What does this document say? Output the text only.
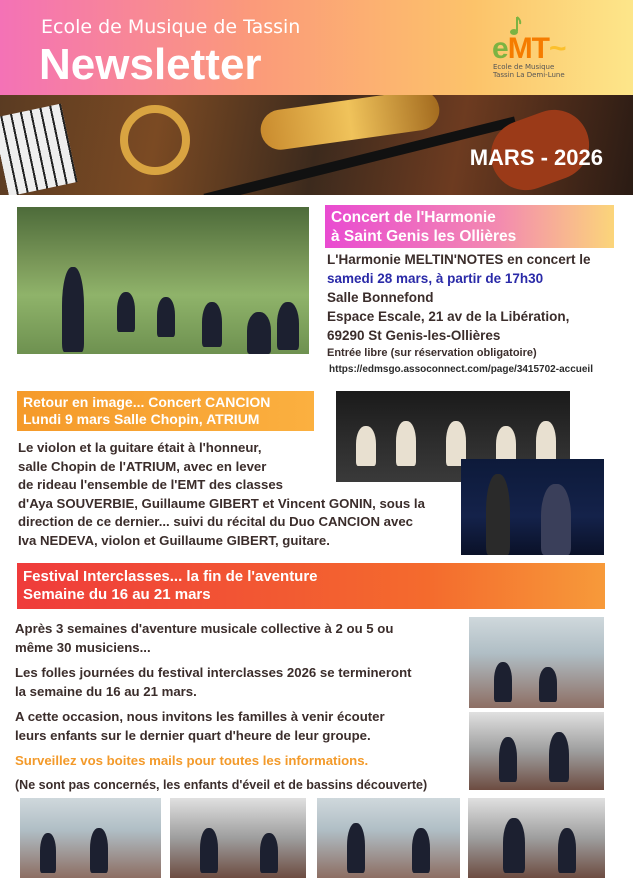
Ecole de Musique de Tassin
Newsletter	eMT~
Ecole de Musique
Tassin La Demi-Lune
MARS - 2026
Concert de l'Harmonie
à Saint Genis les Ollières
L'Harmonie MELTIN'NOTES en concert le
samedi 28 mars, à partir de 17h30
Salle Bonnefond
Espace Escale, 21 av de la Libération,
69290 St Genis-les-Ollières
Entrée libre (sur réservation obligatoire)
https://edmsgo.assoconnect.com/page/3415702-accueil
Retour en image... Concert CANCION
Lundi 9 mars Salle Chopin, ATRIUM
Le violon et la guitare était à l'honneur,
salle Chopin de l'ATRIUM, avec en lever
de rideau l'ensemble de l'EMT des classes
d'Aya SOUVERBIE, Guillaume GIBERT et Vincent GONIN, sous la
direction de ce dernier... suivi du récital du Duo CANCION avec
Iva NEDEVA, violon et Guillaume GIBERT, guitare.
Festival Interclasses... la fin de l'aventure
Semaine du 16 au 21 mars
Après 3 semaines d'aventure musicale collective à 2 ou 5 ou
même 30 musiciens...
Les folles journées du festival interclasses 2026 se termineront
la semaine du 16 au 21 mars.
A cette occasion, nous invitons les familles à venir écouter
leurs enfants sur le dernier quart d'heure de leur groupe.
Surveillez vos boites mails pour toutes les informations.
(Ne sont pas concernés, les enfants d'éveil et de bassins découverte)
